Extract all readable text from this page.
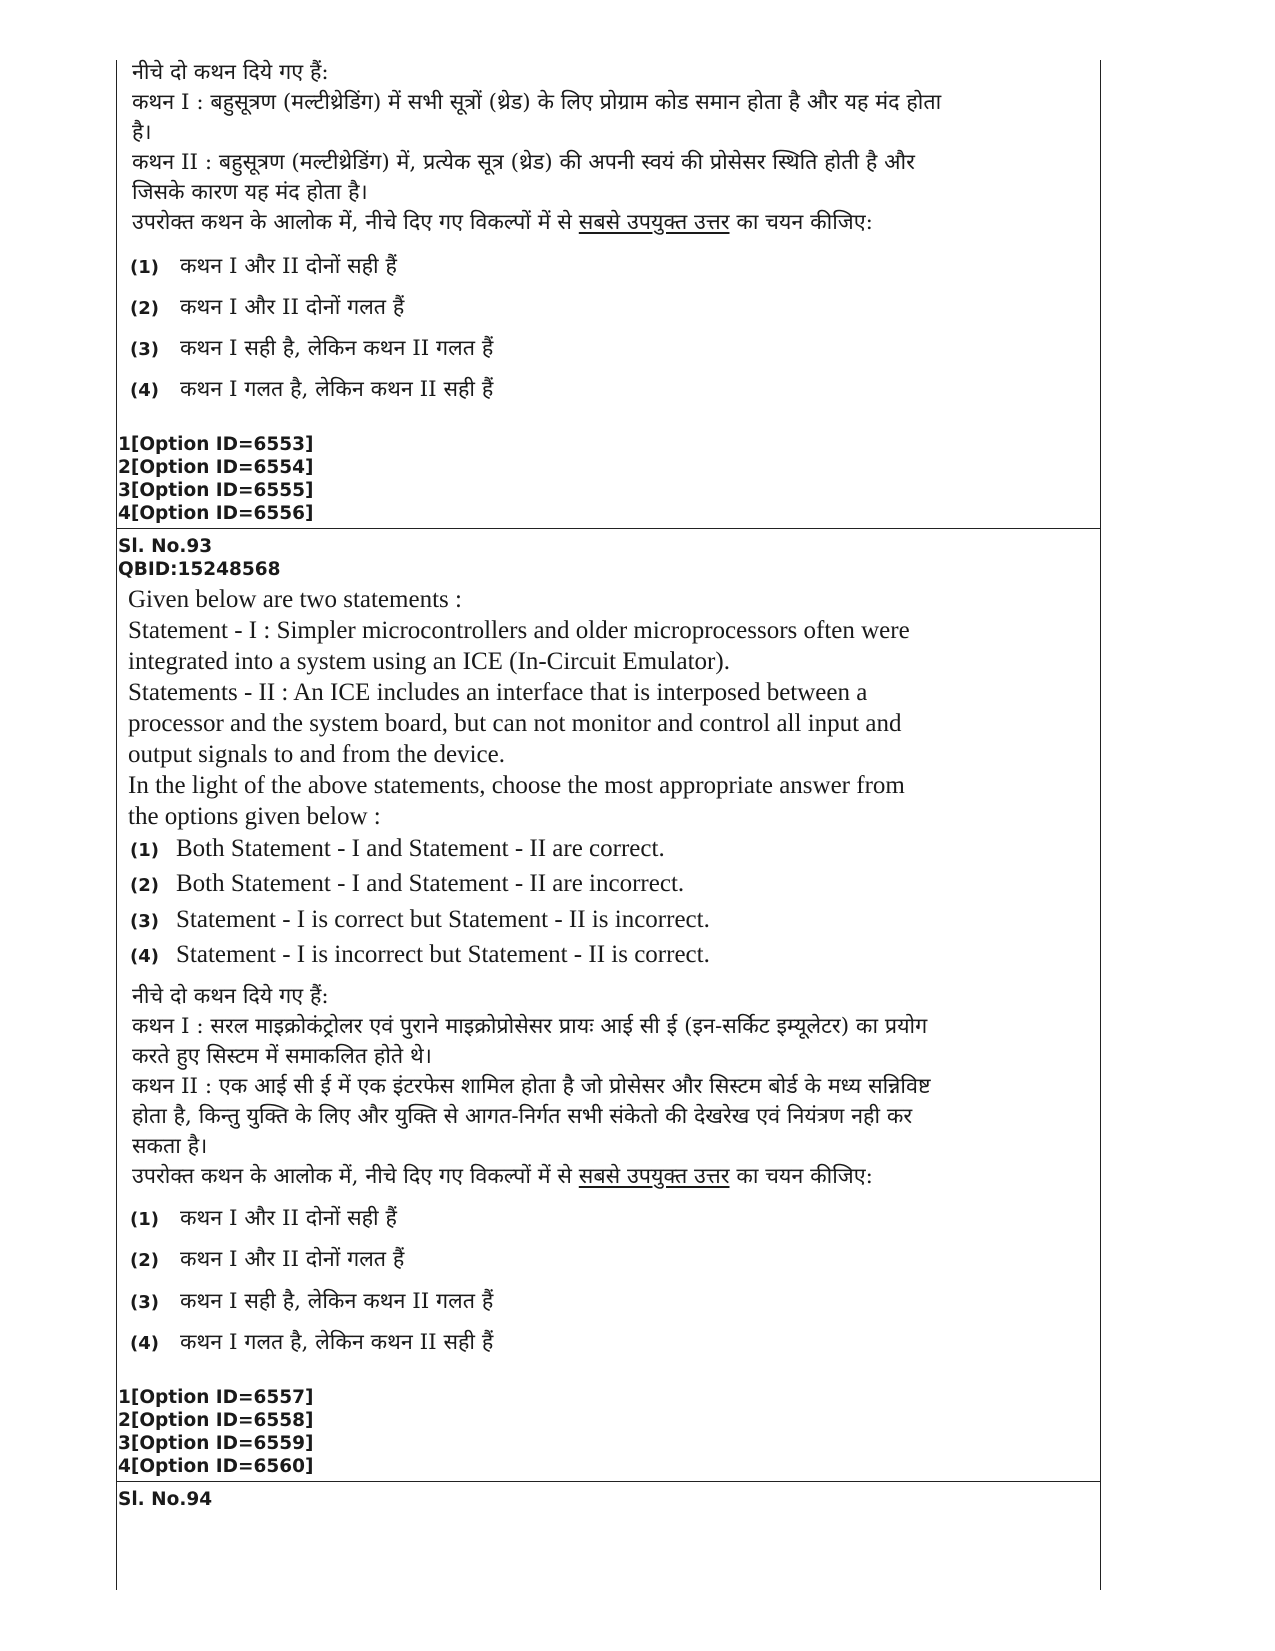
नीचे दो कथन दिये गए हैं:
कथन I : बहुसूत्रण (मल्टीथ्रेडिंग) में सभी सूत्रों (थ्रेड) के लिए प्रोग्राम कोड समान होता है और यह मंद होता
है।
कथन II : बहुसूत्रण (मल्टीथ्रेडिंग) में, प्रत्येक सूत्र (थ्रेड) की अपनी स्वयं की प्रोसेसर स्थिति होती है और
जिसके कारण यह मंद होता है।
उपरोक्त कथन के आलोक में, नीचे दिए गए विकल्पों में से सबसे उपयुक्त उत्तर का चयन कीजिए:
(1) कथन I और II दोनों सही हैं
(2) कथन I और II दोनों गलत हैं
(3) कथन I सही है, लेकिन कथन II गलत हैं
(4) कथन I गलत है, लेकिन कथन II सही हैं
1[Option ID=6553]
2[Option ID=6554]
3[Option ID=6555]
4[Option ID=6556]
Sl. No.93
QBID:15248568
Given below are two statements :
Statement - I : Simpler microcontrollers and older microprocessors often were
integrated into a system using an ICE (In-Circuit Emulator).
Statements - II : An ICE includes an interface that is interposed between a
processor and the system board, but can not monitor and control all input and
output signals to and from the device.
In the light of the above statements, choose the most appropriate answer from
the options given below :
(1) Both Statement - I and Statement - II are correct.
(2) Both Statement - I and Statement - II are incorrect.
(3) Statement - I is correct but Statement - II is incorrect.
(4) Statement - I is incorrect but Statement - II is correct.
नीचे दो कथन दिये गए हैं:
कथन I : सरल माइक्रोकंट्रोलर एवं पुराने माइक्रोप्रोसेसर प्रायः आई सी ई (इन-सर्किट इम्यूलेटर) का प्रयोग
करते हुए सिस्टम में समाकलित होते थे।
कथन II : एक आई सी ई में एक इंटरफेस शामिल होता है जो प्रोसेसर और सिस्टम बोर्ड के मध्य सन्निविष्ट
होता है, किन्तु युक्ति के लिए और युक्ति से आगत-निर्गत सभी संकेतो की देखरेख एवं नियंत्रण नही कर
सकता है।
उपरोक्त कथन के आलोक में, नीचे दिए गए विकल्पों में से सबसे उपयुक्त उत्तर का चयन कीजिए:
(1) कथन I और II दोनों सही हैं
(2) कथन I और II दोनों गलत हैं
(3) कथन I सही है, लेकिन कथन II गलत हैं
(4) कथन I गलत है, लेकिन कथन II सही हैं
1[Option ID=6557]
2[Option ID=6558]
3[Option ID=6559]
4[Option ID=6560]
Sl. No.94
